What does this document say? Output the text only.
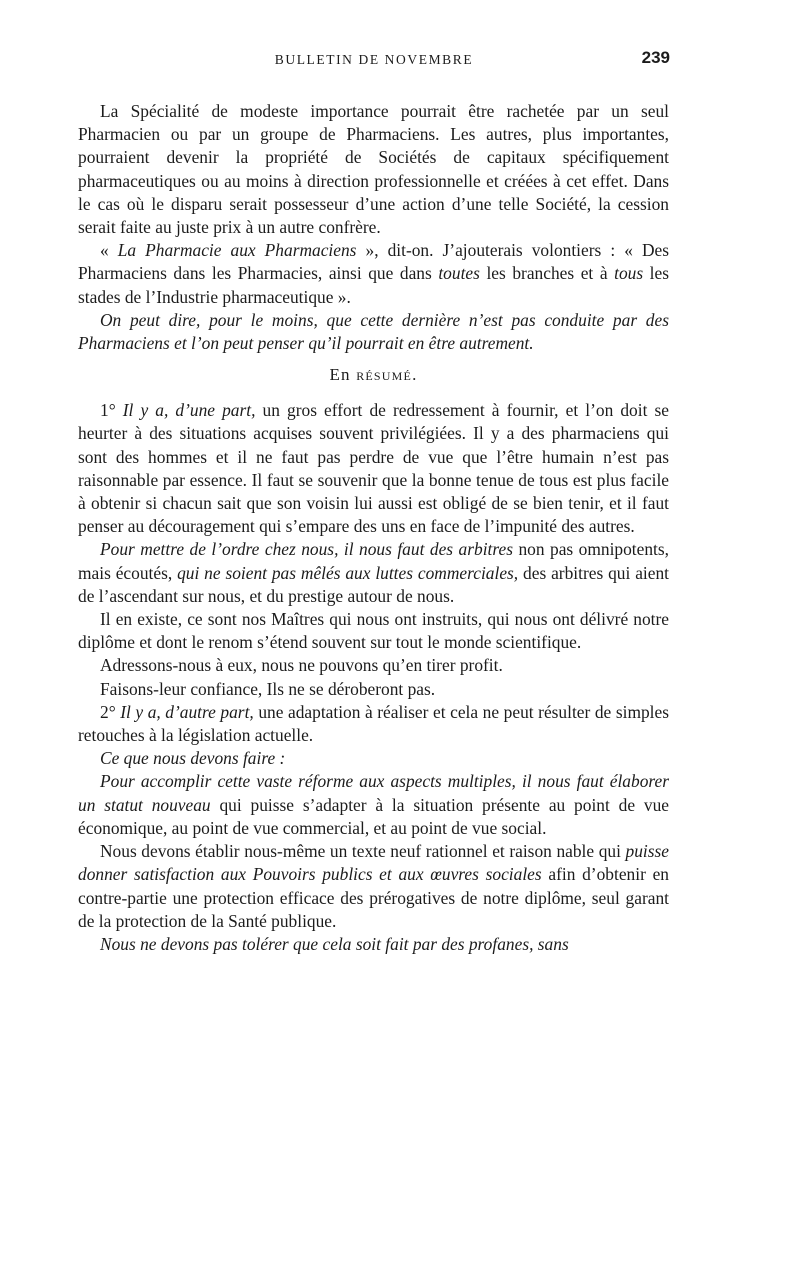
BULLETIN DE NOVEMBRE	239

La Spécialité de modeste importance pourrait être rachetée par un seul Pharmacien ou par un groupe de Pharmaciens. Les autres, plus importantes, pourraient devenir la propriété de Sociétés de capitaux spécifiquement pharmaceutiques ou au moins à direction professionnelle et créées à cet effet. Dans le cas où le disparu serait possesseur d’une action d’une telle Société, la cession serait faite au juste prix à un autre confrère.

« La Pharmacie aux Pharmaciens », dit-on. J’ajouterais volontiers : « Des Pharmaciens dans les Pharmacies, ainsi que dans toutes les branches et à tous les stades de l’Industrie pharmaceutique ».

On peut dire, pour le moins, que cette dernière n’est pas conduite par des Pharmaciens et l’on peut penser qu’il pourrait en être autrement.

En résumé.

1° Il y a, d’une part, un gros effort de redressement à fournir, et l’on doit se heurter à des situations acquises souvent privilégiées. Il y a des pharmaciens qui sont des hommes et il ne faut pas perdre de vue que l’être humain n’est pas raisonnable par essence. Il faut se souvenir que la bonne tenue de tous est plus facile à obtenir si chacun sait que son voisin lui aussi est obligé de se bien tenir, et il faut penser au découragement qui s’empare des uns en face de l’impunité des autres.

Pour mettre de l’ordre chez nous, il nous faut des arbitres non pas omnipotents, mais écoutés, qui ne soient pas mêlés aux luttes commerciales, des arbitres qui aient de l’ascendant sur nous, et du prestige autour de nous.

Il en existe, ce sont nos Maîtres qui nous ont instruits, qui nous ont délivré notre diplôme et dont le renom s’étend souvent sur tout le monde scientifique.

Adressons-nous à eux, nous ne pouvons qu’en tirer profit.

Faisons-leur confiance, Ils ne se déroberont pas.

2° Il y a, d’autre part, une adaptation à réaliser et cela ne peut résulter de simples retouches à la législation actuelle.

Ce que nous devons faire :

Pour accomplir cette vaste réforme aux aspects multiples, il nous faut élaborer un statut nouveau qui puisse s’adapter à la situation présente au point de vue économique, au point de vue commercial, et au point de vue social.

Nous devons établir nous-même un texte neuf rationnel et raison nable qui puisse donner satisfaction aux Pouvoirs publics et aux œuvres sociales afin d’obtenir en contre-partie une protection efficace des prérogatives de notre diplôme, seul garant de la protection de la Santé publique.

Nous ne devons pas tolérer que cela soit fait par des profanes, sans
